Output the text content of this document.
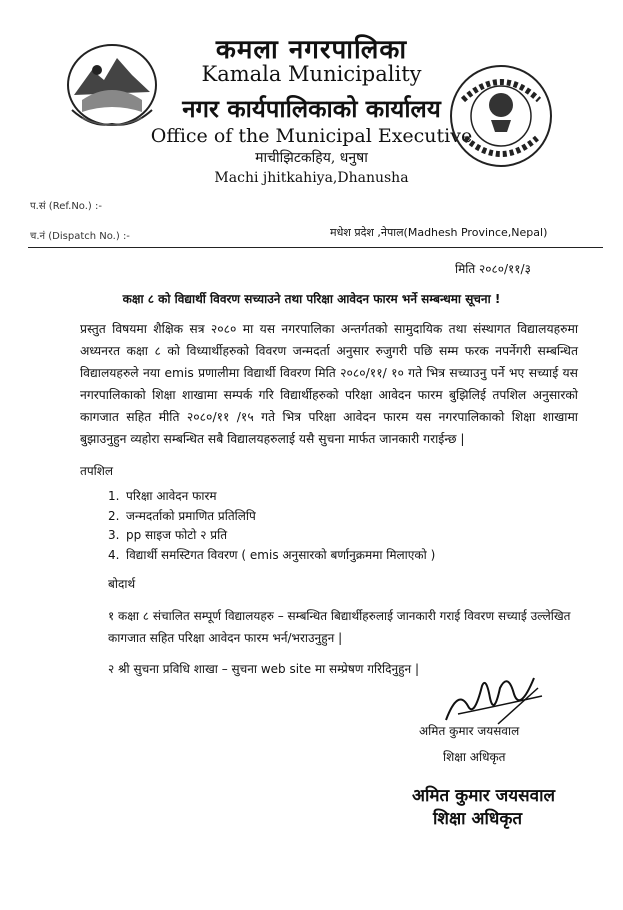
कमला नगरपालिका
Kamala Municipality
नगर कार्यपालिकाको कार्यालय
Office of the Municipal Executive
माचीझिटकहिय, धनुषा
Machi jhitkahiya,Dhanusha
प.सं (Ref.No.) :-
च.नं (Dispatch No.) :-	मधेश प्रदेश ,नेपाल(Madhesh Province,Nepal)
मिति २०८०/११/३
कक्षा ८ को विद्यार्थी विवरण सच्याउने तथा परिक्षा आवेदन फारम भर्ने सम्बन्धमा सूचना !
प्रस्तुत विषयमा शैक्षिक सत्र २०८० मा यस नगरपालिका अन्तर्गतको सामुदायिक तथा संस्थागत विद्यालयहरुमा अध्यनरत कक्षा ८ को विध्यार्थीहरुको विवरण जन्मदर्ता अनुसार रुजुगरी पछि सम्म फरक नपर्नेगरी सम्बन्धित विद्यालयहरुले नया emis प्रणालीमा विद्यार्थी विवरण मिति २०८०/११/ १० गते भित्र सच्याउनु पर्ने भए सच्याई यस नगरपालिकाको शिक्षा शाखामा सम्पर्क गरि विद्यार्थीहरुको परिक्षा आवेदन फारम बुझिलिई तपशिल अनुसारको कागजात सहित मीति २०८०/११ /१५ गते भित्र परिक्षा आवेदन फारम यस नगरपालिकाको शिक्षा शाखामा बुझाउनुहुन व्यहोरा सम्बन्धित सबै विद्यालयहरुलाई यसै सुचना मार्फत जानकारी गराईन्छ |
तपशिल
1. परिक्षा आवेदन फारम
2. जन्मदर्ताको प्रमाणित प्रतिलिपि
3. pp साइज फोटो २ प्रति
4. विद्यार्थी समस्टिगत विवरण ( emis अनुसारको बर्णानुक्रममा मिलाएको )
बोदार्थ
१ कक्षा ८ संचालित सम्पूर्ण विद्यालयहरु – सम्बन्धित बिद्यार्थीहरुलाई जानकारी गराई विवरण सच्याई उल्लेखित कागजात सहित परिक्षा आवेदन फारम भर्न/भराउनुहुन |
२ श्री सुचना प्रविधि शाखा – सुचना web site मा सम्प्रेषण गरिदिनुहुन |
अमित कुमार जयसवाल
शिक्षा अधिकृत
अमित कुमार जयसवाल
शिक्षा अधिकृत
